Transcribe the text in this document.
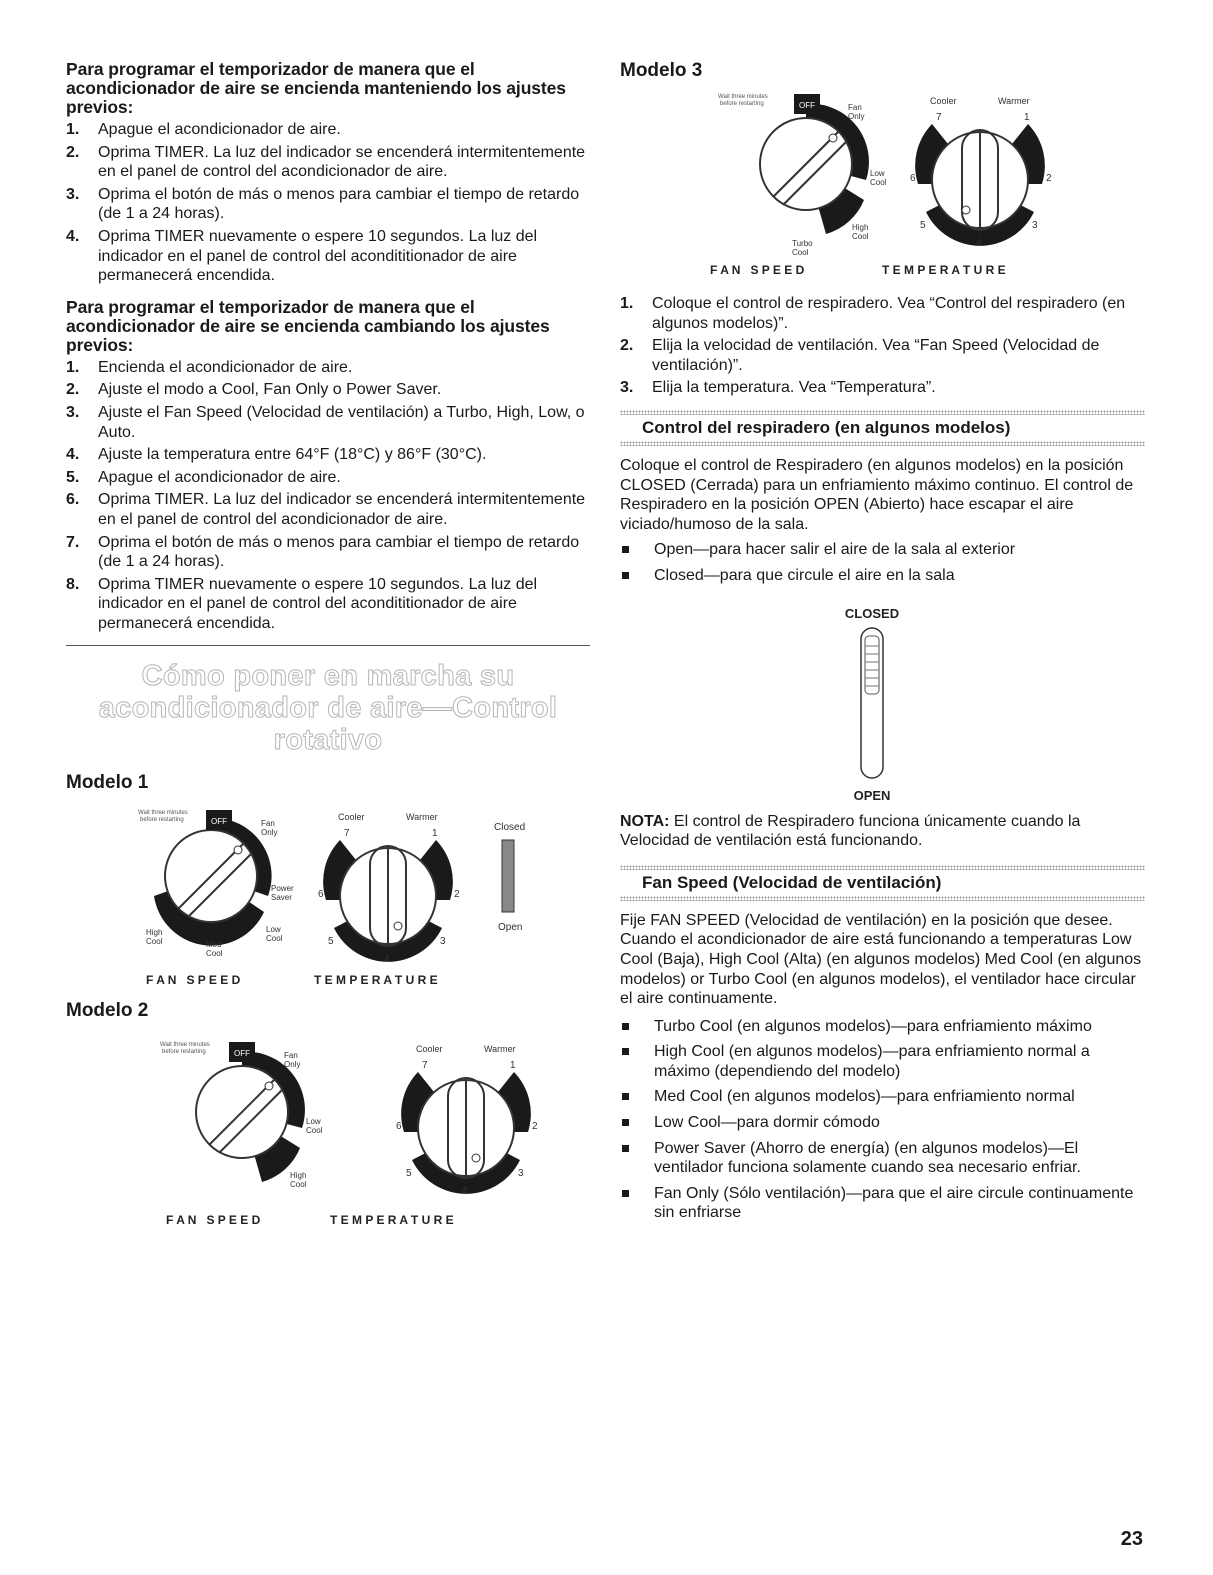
Para programar el temporizador de manera que el acondicionador de aire se encienda manteniendo los ajustes previos:
1. Apague el acondicionador de aire.
2. Oprima TIMER. La luz del indicador se encenderá intermitentemente en el panel de control del acondicionador de aire.
3. Oprima el botón de más o menos para cambiar el tiempo de retardo (de 1 a 24 horas).
4. Oprima TIMER nuevamente o espere 10 segundos. La luz del indicador en el panel de control del acondititionador de aire permanecerá encendida.
Para programar el temporizador de manera que el acondicionador de aire se encienda cambiando los ajustes previos:
1. Encienda el acondicionador de aire.
2. Ajuste el modo a Cool, Fan Only o Power Saver.
3. Ajuste el Fan Speed (Velocidad de ventilación) a Turbo, High, Low, o Auto.
4. Ajuste la temperatura entre 64°F (18°C) y 86°F (30°C).
5. Apague el acondicionador de aire.
6. Oprima TIMER. La luz del indicador se encenderá intermitentemente en el panel de control del acondicionador de aire.
7. Oprima el botón de más o menos para cambiar el tiempo de retardo (de 1 a 24 horas).
8. Oprima TIMER nuevamente o espere 10 segundos. La luz del indicador en el panel de control del acondititionador de aire permanecerá encendida.
Cómo poner en marcha su
acondicionador de aire—Control rotativo
Modelo 1
OFF
Wait three minutes
before restarting	Fan
Only
Power
Saver
Low
Cool
High
Cool	Med
Cool
Cooler	Warmer
7	1
6	2
5	3
4
Closed
Open
F A N   S P E E D	T E M P E R A T U R E
Modelo 2
OFF
Wait three minutes
before restarting	Fan
Only
Low
Cool
High
Cool
Cooler	Warmer
7	1
6	2
5	3
4
F A N   S P E E D	T E M P E R A T U R E
Modelo 3
OFF
Wait three minutes
before restarting	Fan
Only
Low
Cool
High
Cool
Turbo
Cool
Cooler	Warmer
7	1
6	2
5	3
4
F A N   S P E E D	T E M P E R A T U R E
1. Coloque el control de respiradero. Vea “Control del respiradero (en algunos modelos)”.
2. Elija la velocidad de ventilación. Vea “Fan Speed (Velocidad de ventilación)”.
3. Elija la temperatura. Vea “Temperatura”.
Control del respiradero (en algunos modelos)

Coloque el control de Respiradero (en algunos modelos) en la posición CLOSED (Cerrada) para un enfriamiento máximo continuo. El control de Respiradero en la posición OPEN (Abierto) hace escapar el aire viciado/humoso de la sala.

Open—para hacer salir el aire de la sala al exterior
Closed—para que circule el aire en la sala
CLOSED
OPEN

NOTA: El control de Respiradero funciona únicamente cuando la Velocidad de ventilación está funcionando.

Fan Speed (Velocidad de ventilación)

Fije FAN SPEED (Velocidad de ventilación) en la posición que desee. Cuando el acondicionador de aire está funcionando a temperaturas Low Cool (Baja), High Cool (Alta) (en algunos modelos) Med Cool (en algunos modelos) or Turbo Cool (en algunos modelos), el ventilador hace circular el aire continuamente.

Turbo Cool (en algunos modelos)—para enfriamiento máximo
High Cool (en algunos modelos)—para enfriamiento normal a máximo (dependiendo del modelo)
Med Cool (en algunos modelos)—para enfriamiento normal
Low Cool—para dormir cómodo
Power Saver (Ahorro de energía) (en algunos modelos)—El ventilador funciona solamente cuando sea necesario enfriar.
Fan Only (Sólo ventilación)—para que el aire circule continuamente sin enfriarse
23
